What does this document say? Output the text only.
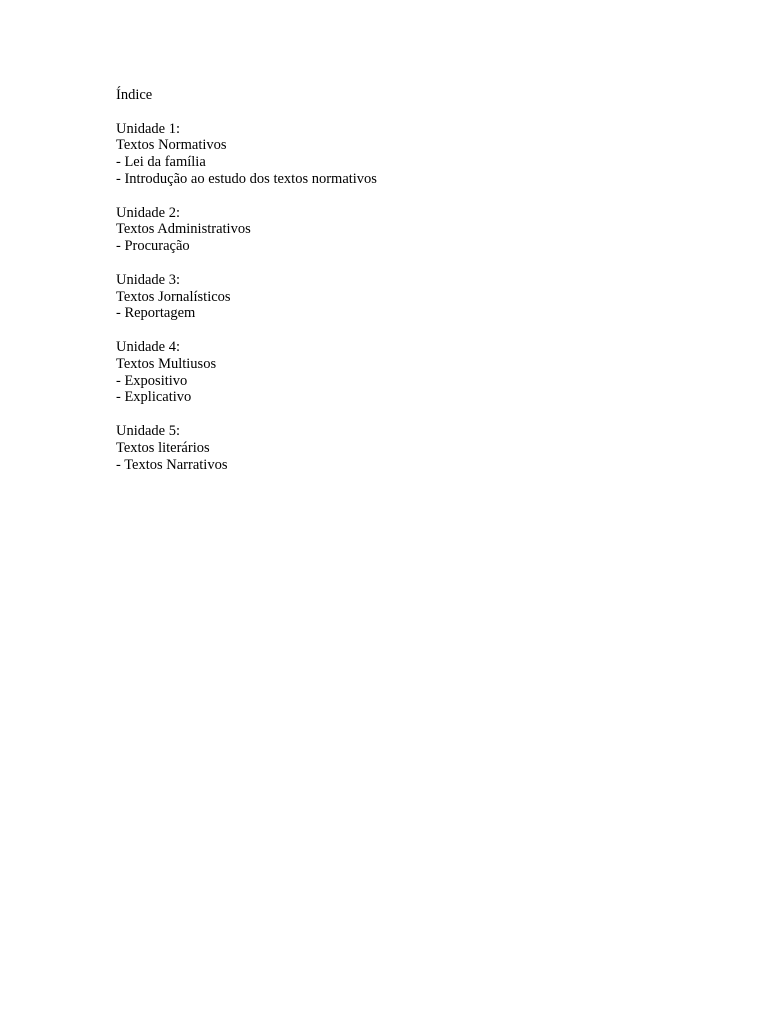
Índice
Unidade 1:
Textos Normativos
- Lei da família
- Introdução ao estudo dos textos normativos
Unidade 2:
Textos Administrativos
- Procuração
Unidade 3:
Textos Jornalísticos
- Reportagem
Unidade 4:
Textos Multiusos
- Expositivo
- Explicativo
Unidade 5:
Textos literários
- Textos Narrativos
